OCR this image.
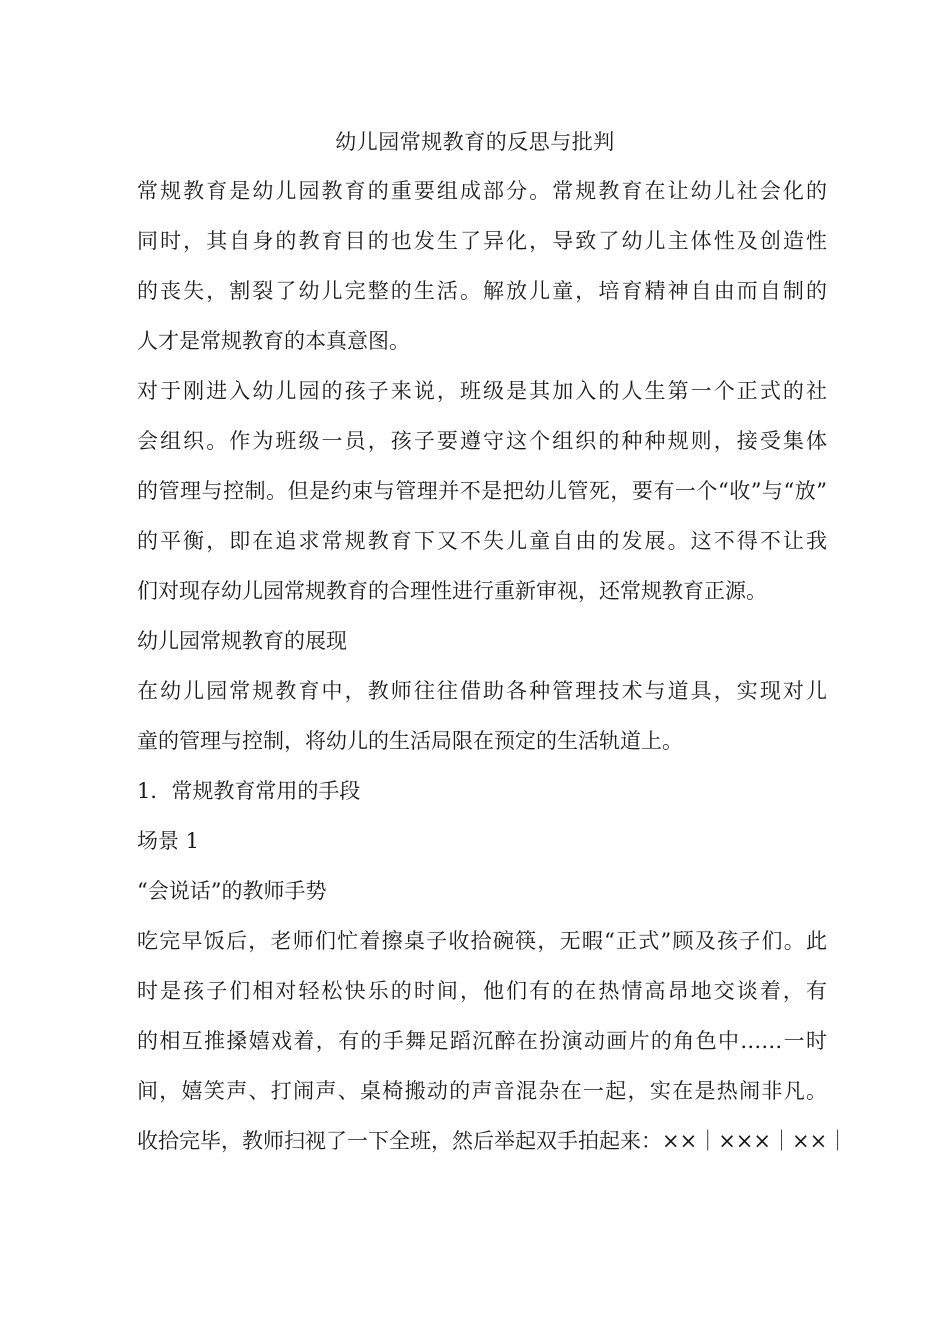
幼儿园常规教育的反思与批判
常规教育是幼儿园教育的重要组成部分。常规教育在让幼儿社会化的
同时，其自身的教育目的也发生了异化，导致了幼儿主体性及创造性
的丧失，割裂了幼儿完整的生活。解放儿童，培育精神自由而自制的
人才是常规教育的本真意图。
对于刚进入幼儿园的孩子来说，班级是其加入的人生第一个正式的社
会组织。作为班级一员，孩子要遵守这个组织的种种规则，接受集体
的管理与控制。但是约束与管理并不是把幼儿管死，要有一个“收”与“放”
的平衡，即在追求常规教育下又不失儿童自由的发展。这不得不让我
们对现存幼儿园常规教育的合理性进行重新审视，还常规教育正源。
幼儿园常规教育的展现
在幼儿园常规教育中，教师往往借助各种管理技术与道具，实现对儿
童的管理与控制，将幼儿的生活局限在预定的生活轨道上。
1．常规教育常用的手段
场景 1
“会说话”的教师手势
吃完早饭后，老师们忙着擦桌子收拾碗筷，无暇“正式”顾及孩子们。此
时是孩子们相对轻松快乐的时间，他们有的在热情高昂地交谈着，有
的相互推搡嬉戏着，有的手舞足蹈沉醉在扮演动画片的角色中……一时
间，嬉笑声、打闹声、桌椅搬动的声音混杂在一起，实在是热闹非凡。
收拾完毕，教师扫视了一下全班，然后举起双手拍起来：××｜×××｜××｜
